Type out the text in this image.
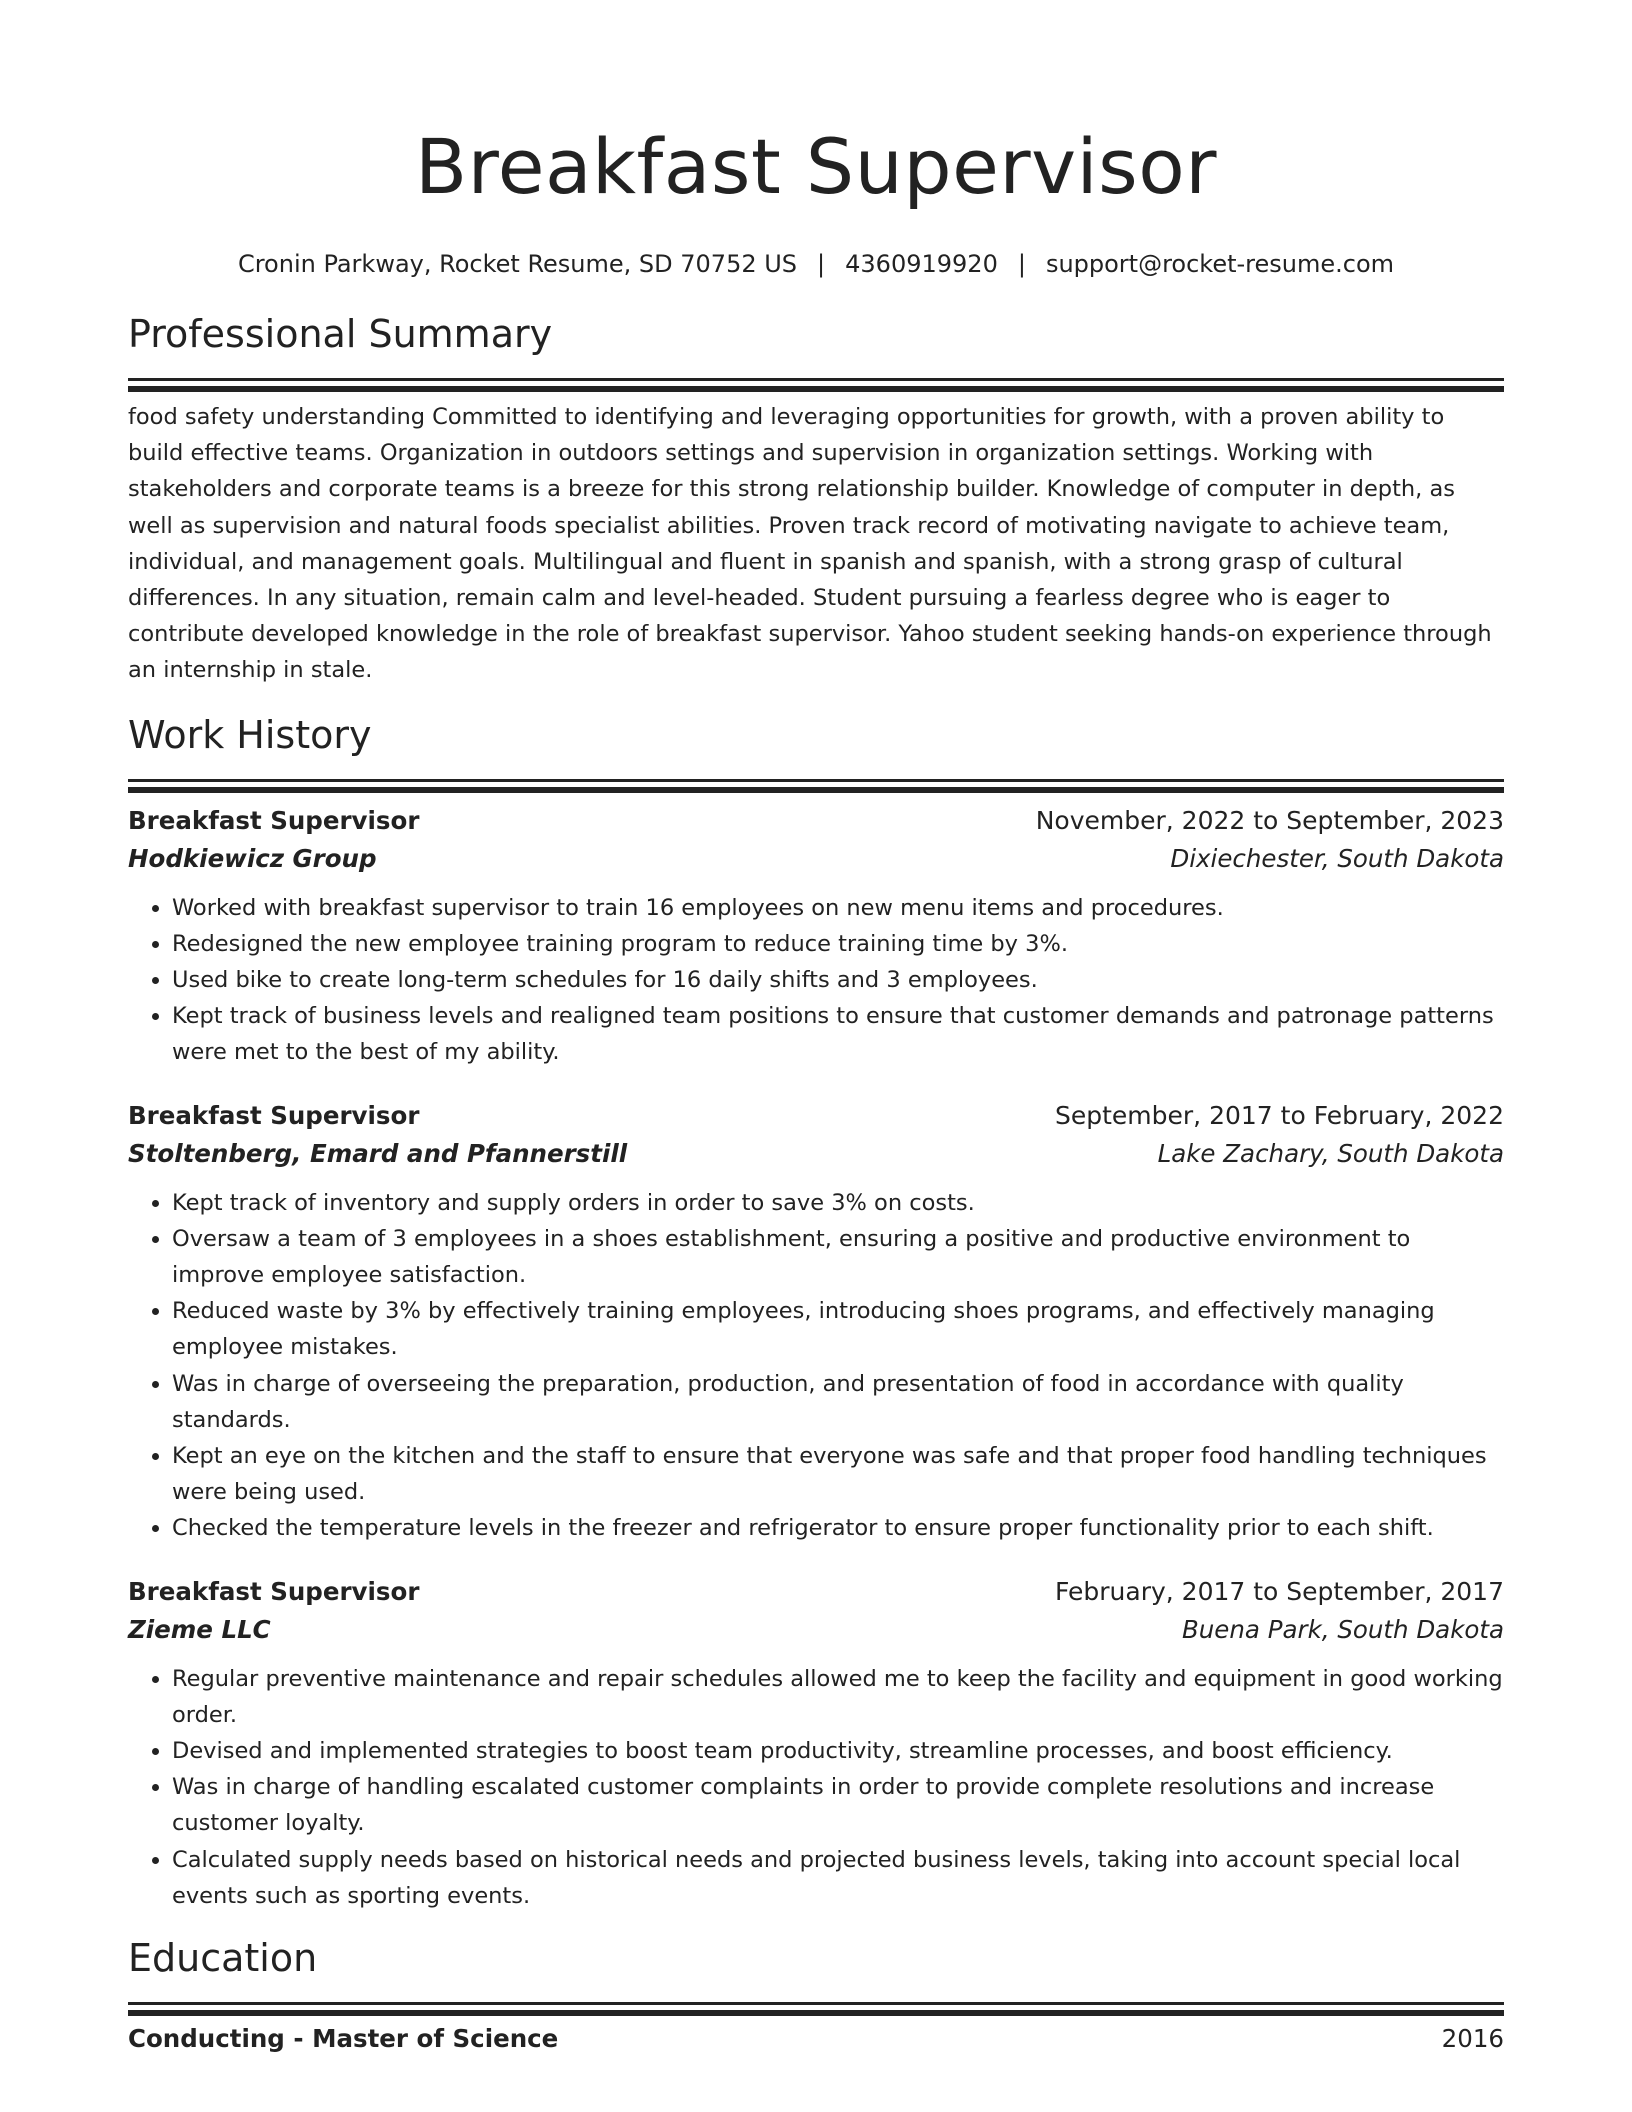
Breakfast Supervisor
Cronin Parkway, Rocket Resume, SD 70752 US | 4360919920 | support@rocket-resume.com
Professional Summary

food safety understanding Committed to identifying and leveraging opportunities for growth, with a proven ability to build effective teams. Organization in outdoors settings and supervision in organization settings. Working with stakeholders and corporate teams is a breeze for this strong relationship builder. Knowledge of computer in depth, as well as supervision and natural foods specialist abilities. Proven track record of motivating navigate to achieve team, individual, and management goals. Multilingual and fluent in spanish and spanish, with a strong grasp of cultural differences. In any situation, remain calm and level-headed. Student pursuing a fearless degree who is eager to contribute developed knowledge in the role of breakfast supervisor. Yahoo student seeking hands-on experience through an internship in stale.

Work History
Breakfast Supervisor	November, 2022 to September, 2023
Hodkiewicz Group	Dixiechester, South Dakota
• Worked with breakfast supervisor to train 16 employees on new menu items and procedures.
• Redesigned the new employee training program to reduce training time by 3%.
• Used bike to create long-term schedules for 16 daily shifts and 3 employees.
• Kept track of business levels and realigned team positions to ensure that customer demands and patronage patterns were met to the best of my ability.
Breakfast Supervisor	September, 2017 to February, 2022
Stoltenberg, Emard and Pfannerstill	Lake Zachary, South Dakota
• Kept track of inventory and supply orders in order to save 3% on costs.
• Oversaw a team of 3 employees in a shoes establishment, ensuring a positive and productive environment to improve employee satisfaction.
• Reduced waste by 3% by effectively training employees, introducing shoes programs, and effectively managing employee mistakes.
• Was in charge of overseeing the preparation, production, and presentation of food in accordance with quality standards.
• Kept an eye on the kitchen and the staff to ensure that everyone was safe and that proper food handling techniques were being used.
• Checked the temperature levels in the freezer and refrigerator to ensure proper functionality prior to each shift.
Breakfast Supervisor	February, 2017 to September, 2017
Zieme LLC	Buena Park, South Dakota
• Regular preventive maintenance and repair schedules allowed me to keep the facility and equipment in good working order.
• Devised and implemented strategies to boost team productivity, streamline processes, and boost efficiency.
• Was in charge of handling escalated customer complaints in order to provide complete resolutions and increase customer loyalty.
• Calculated supply needs based on historical needs and projected business levels, taking into account special local events such as sporting events.
Education
Conducting - Master of Science	2016
